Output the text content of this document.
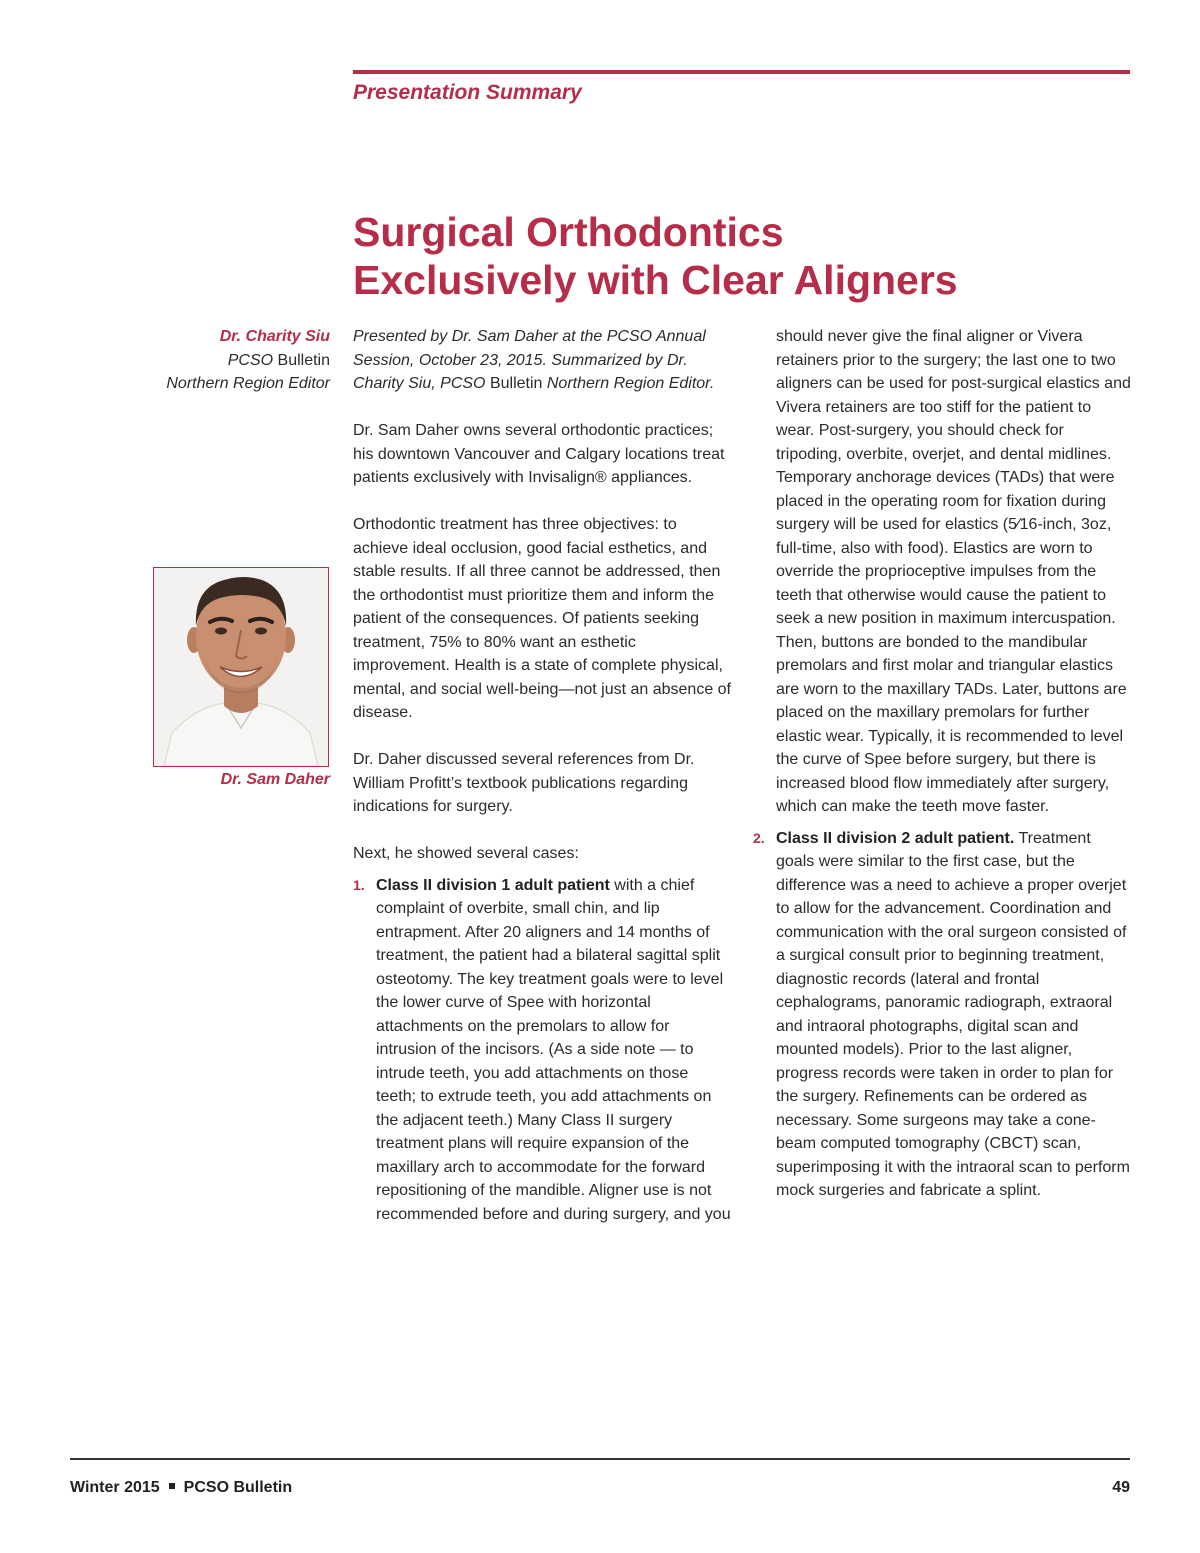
Presentation Summary
Surgical Orthodontics
Exclusively with Clear Aligners
Dr. Charity Siu
PCSO Bulletin
Northern Region Editor
Dr. Sam Daher

Presented by Dr. Sam Daher at the PCSO Annual Session, October 23, 2015. Summarized by Dr. Charity Siu, PCSO Bulletin Northern Region Editor.

Dr. Sam Daher owns several orthodontic practices; his downtown Vancouver and Calgary locations treat patients exclusively with Invisalign® appliances.

Orthodontic treatment has three objectives: to achieve ideal occlusion, good facial esthetics, and stable results. If all three cannot be addressed, then the orthodontist must prioritize them and inform the patient of the consequences. Of patients seeking treatment, 75% to 80% want an esthetic improvement. Health is a state of complete physical, mental, and social well-being—not just an absence of disease.

Dr. Daher discussed several references from Dr. William Profitt’s textbook publications regarding indications for surgery.

Next, he showed several cases:

1. Class II division 1 adult patient with a chief complaint of overbite, small chin, and lip entrapment. After 20 aligners and 14 months of treatment, the patient had a bilateral sagittal split osteotomy. The key treatment goals were to level the lower curve of Spee with horizontal attachments on the premolars to allow for intrusion of the incisors. (As a side note — to intrude teeth, you add attachments on those teeth; to extrude teeth, you add attachments on the adjacent teeth.) Many Class II surgery treatment plans will require expansion of the maxillary arch to accommodate for the forward repositioning of the mandible. Aligner use is not recommended before and during surgery, and you

should never give the final aligner or Vivera retainers prior to the surgery; the last one to two aligners can be used for post-surgical elastics and Vivera retainers are too stiff for the patient to wear. Post-surgery, you should check for tripoding, overbite, overjet, and dental midlines. Temporary anchorage devices (TADs) that were placed in the operating room for fixation during surgery will be used for elastics (5⁄16-inch, 3oz, full-time, also with food). Elastics are worn to override the proprioceptive impulses from the teeth that otherwise would cause the patient to seek a new position in maximum intercuspation. Then, buttons are bonded to the mandibular premolars and first molar and triangular elastics are worn to the maxillary TADs. Later, buttons are placed on the maxillary premolars for further elastic wear. Typically, it is recommended to level the curve of Spee before surgery, but there is increased blood flow immediately after surgery, which can make the teeth move faster.

2. Class II division 2 adult patient. Treatment goals were similar to the first case, but the difference was a need to achieve a proper overjet to allow for the advancement. Coordination and communication with the oral surgeon consisted of a surgical consult prior to beginning treatment, diagnostic records (lateral and frontal cephalograms, panoramic radiograph, extraoral and intraoral photographs, digital scan and mounted models). Prior to the last aligner, progress records were taken in order to plan for the surgery. Refinements can be ordered as necessary. Some surgeons may take a cone-beam computed tomography (CBCT) scan, superimposing it with the intraoral scan to perform mock surgeries and fabricate a splint.
Winter 2015 PCSO Bulletin	49
